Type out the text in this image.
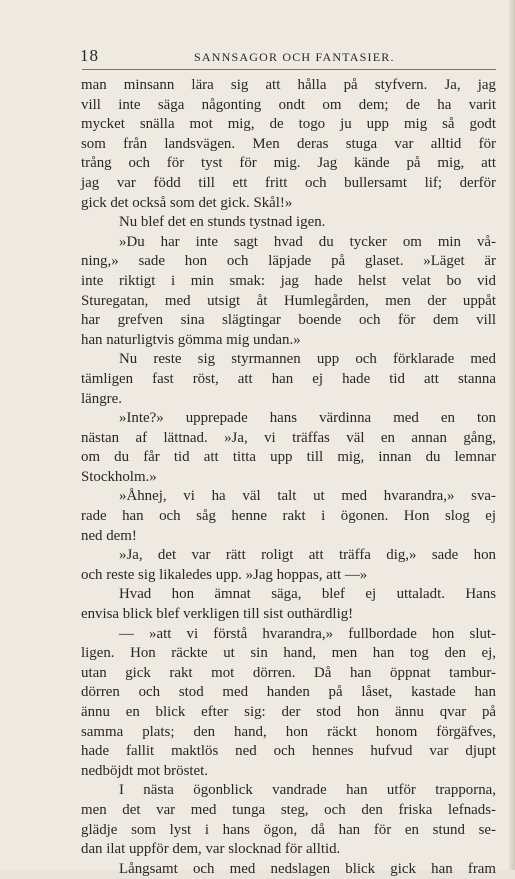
18	SANNSAGOR OCH FANTASIER.
man minsann lära sig att hålla på styfvern. Ja, jag
vill inte säga någonting ondt om dem; de ha varit
mycket snälla mot mig, de togo ju upp mig så godt
som från landsvägen. Men deras stuga var alltid för
trång och för tyst för mig. Jag kände på mig, att
jag var född till ett fritt och bullersamt lif; derför
gick det också som det gick. Skål!»
Nu blef det en stunds tystnad igen.
»Du har inte sagt hvad du tycker om min vå-
ning,» sade hon och läpjade på glaset. »Läget är
inte riktigt i min smak: jag hade helst velat bo vid
Sturegatan, med utsigt åt Humlegården, men der uppåt
har grefven sina slägtingar boende och för dem vill
han naturligtvis gömma mig undan.»
Nu reste sig styrmannen upp och förklarade med
tämligen fast röst, att han ej hade tid att stanna
längre.
»Inte?» upprepade hans värdinna med en ton
nästan af lättnad. »Ja, vi träffas väl en annan gång,
om du får tid att titta upp till mig, innan du lemnar
Stockholm.»
»Åhnej, vi ha väl talt ut med hvarandra,» sva-
rade han och såg henne rakt i ögonen. Hon slog ej
ned dem!
»Ja, det var rätt roligt att träffa dig,» sade hon
och reste sig likaledes upp. »Jag hoppas, att —»
Hvad hon ämnat säga, blef ej uttaladt. Hans
envisa blick blef verkligen till sist outhärdlig!
— »att vi förstå hvarandra,» fullbordade hon slut-
ligen. Hon räckte ut sin hand, men han tog den ej,
utan gick rakt mot dörren. Då han öppnat tambur-
dörren och stod med handen på låset, kastade han
ännu en blick efter sig: der stod hon ännu qvar på
samma plats; den hand, hon räckt honom förgäfves,
hade fallit maktlös ned och hennes hufvud var djupt
nedböjdt mot bröstet.
I nästa ögonblick vandrade han utför trapporna,
men det var med tunga steg, och den friska lefnads-
glädje som lyst i hans ögon, då han för en stund se-
dan ilat uppför dem, var slocknad för alltid.
Långsamt och med nedslagen blick gick han fram
